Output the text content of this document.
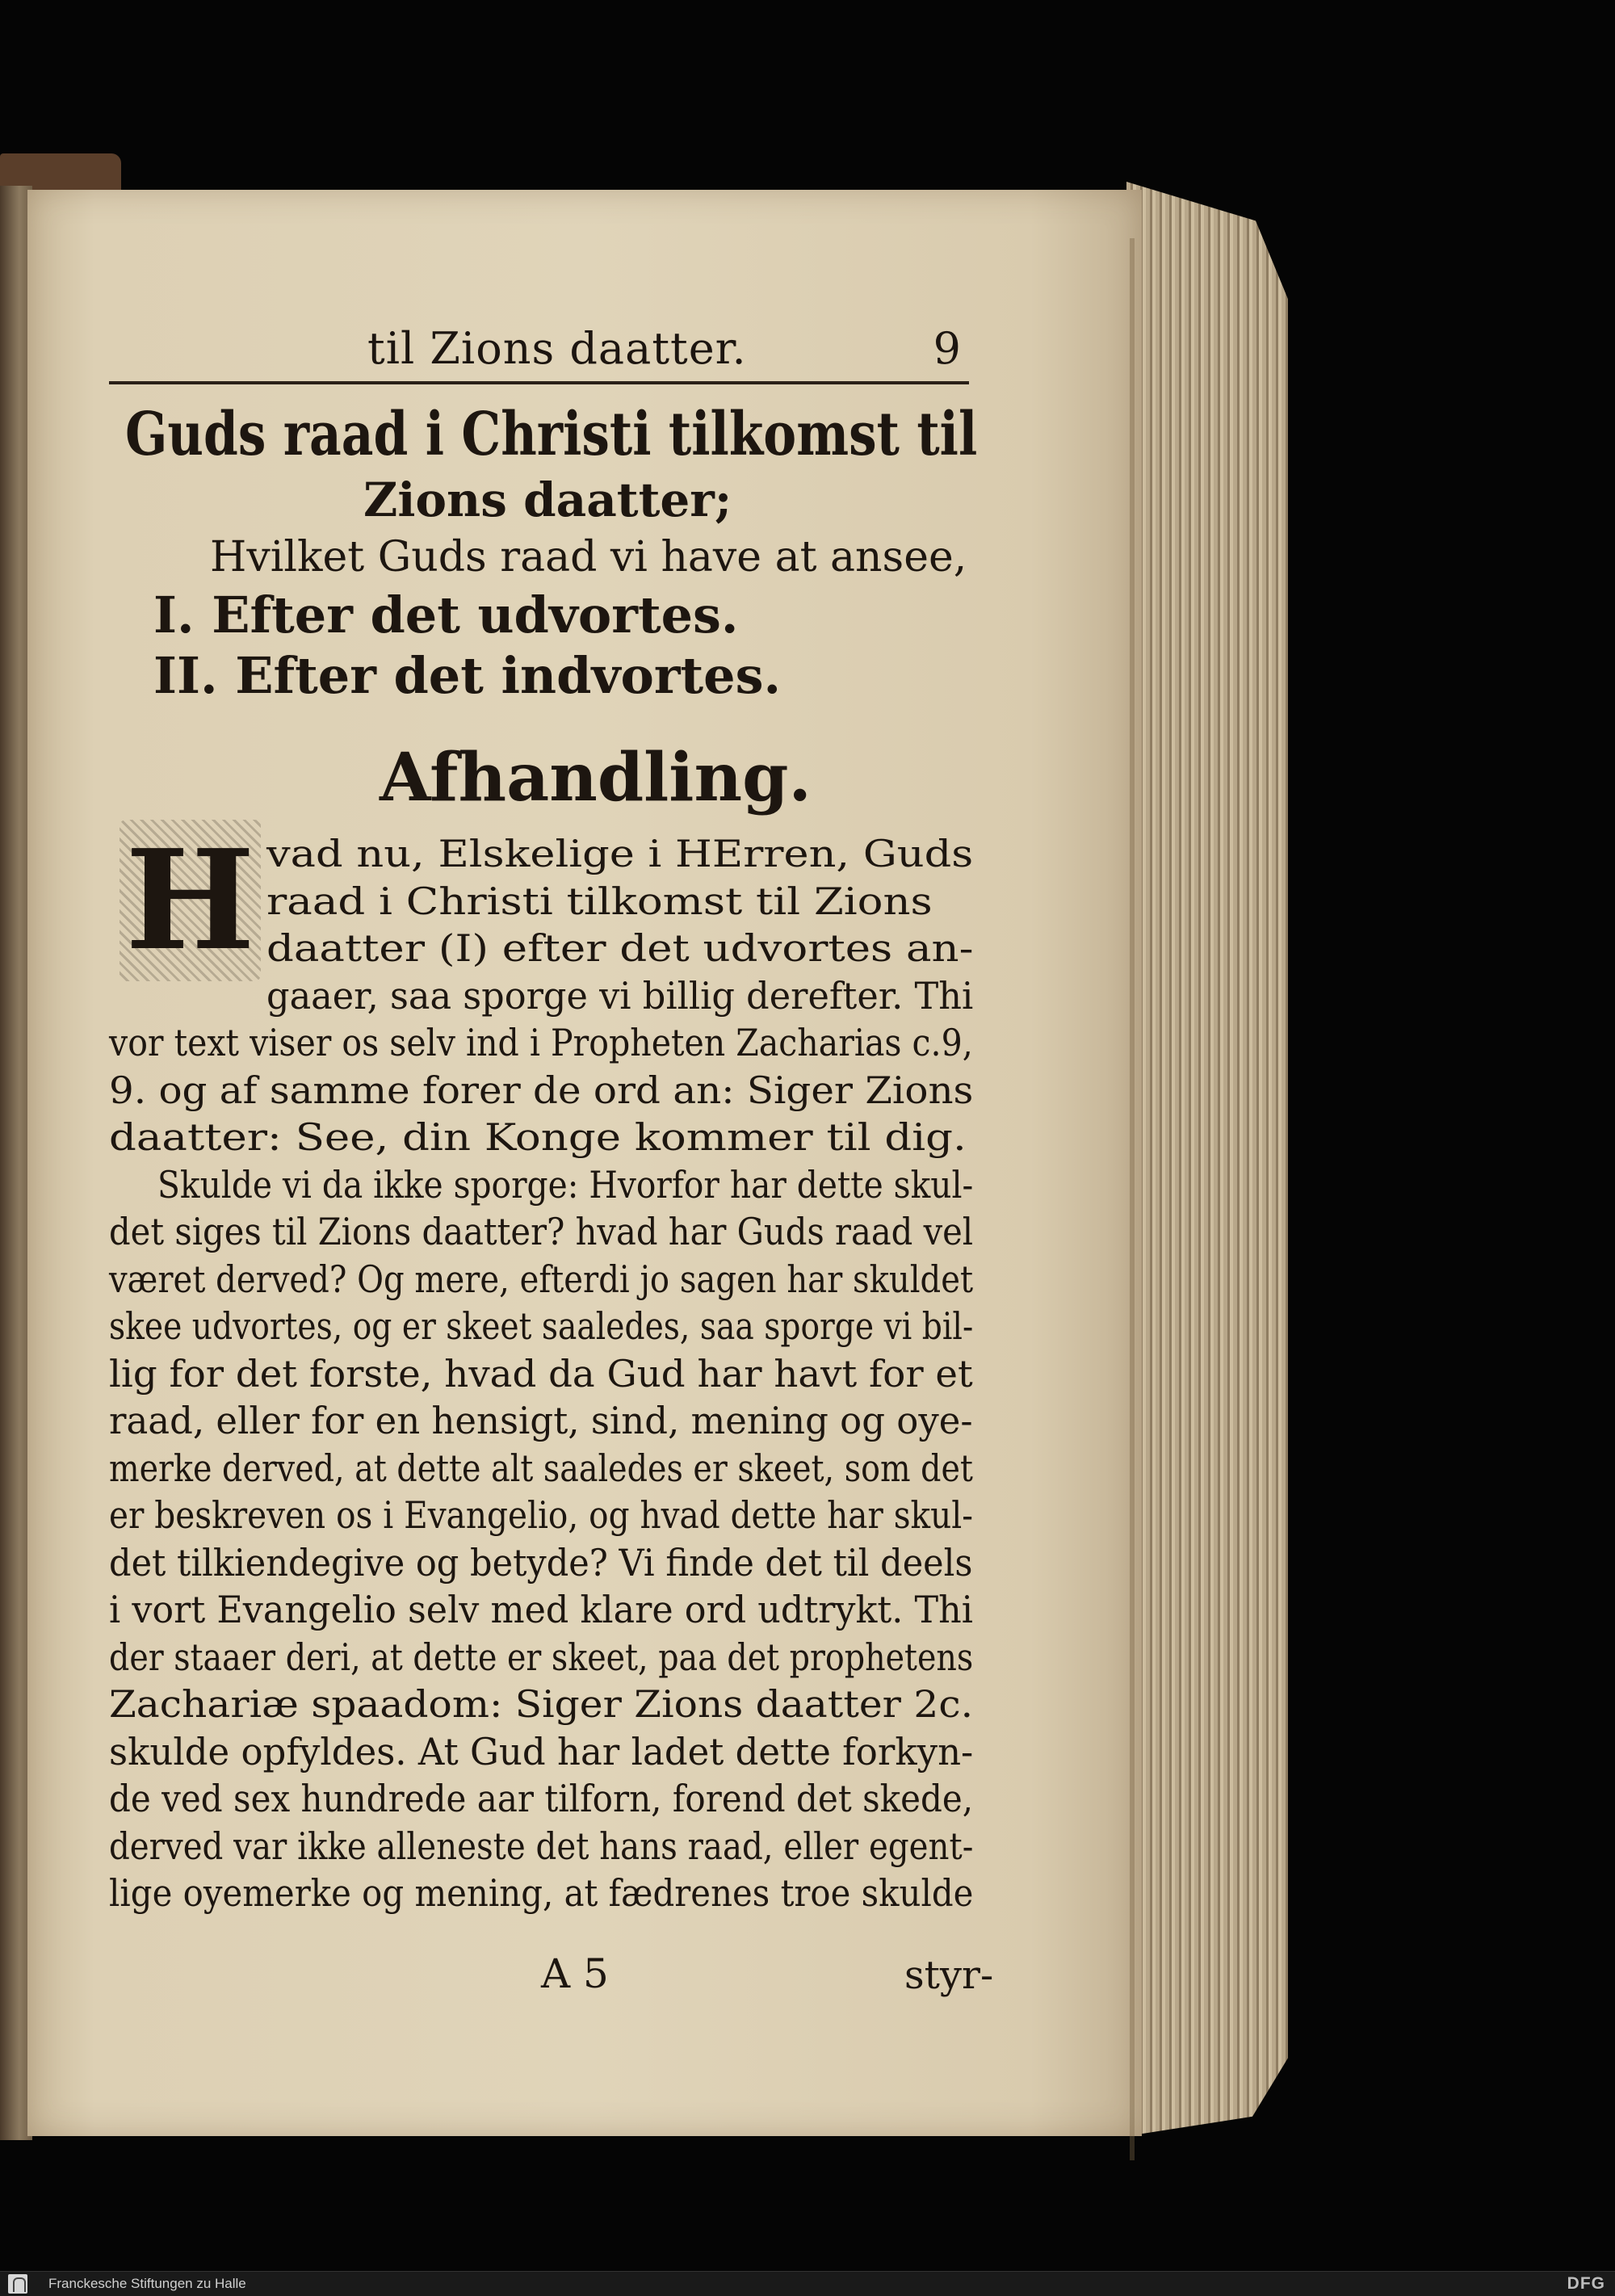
til Zions daatter.	9
Guds raad i Christi tilkomst til
Zions daatter;
Hvilket Guds raad vi have at ansee,
I. Efter det udvortes.
II. Efter det indvortes.
Afhandling.
H vad nu, Elskelige i HErren, Guds
raad i Christi tilkomst til Zions
daatter (I) efter det udvortes an-
gaaer, saa sporge vi billig derefter. Thi
vor text viser os selv ind i Propheten Zacharias c.9,
9. og af samme forer de ord an: Siger Zions
daatter: See, din Konge kommer til dig.
Skulde vi da ikke sporge: Hvorfor har dette skul-
det siges til Zions daatter? hvad har Guds raad vel
været derved? Og mere, efterdi jo sagen har skuldet
skee udvortes, og er skeet saaledes, saa sporge vi bil-
lig for det forste, hvad da Gud har havt for et
raad, eller for en hensigt, sind, mening og oye-
merke derved, at dette alt saaledes er skeet, som det
er beskreven os i Evangelio, og hvad dette har skul-
det tilkiendegive og betyde? Vi finde det til deels
i vort Evangelio selv med klare ord udtrykt. Thi
der staaer deri, at dette er skeet, paa det prophetens
Zachariæ spaadom: Siger Zions daatter 2c.
skulde opfyldes. At Gud har ladet dette forkyn-
de ved sex hundrede aar tilforn, forend det skede,
derved var ikke alleneste det hans raad, eller egent-
lige oyemerke og mening, at fædrenes troe skulde
A 5	styr-
Franckesche Stiftungen zu Halle	DFG
